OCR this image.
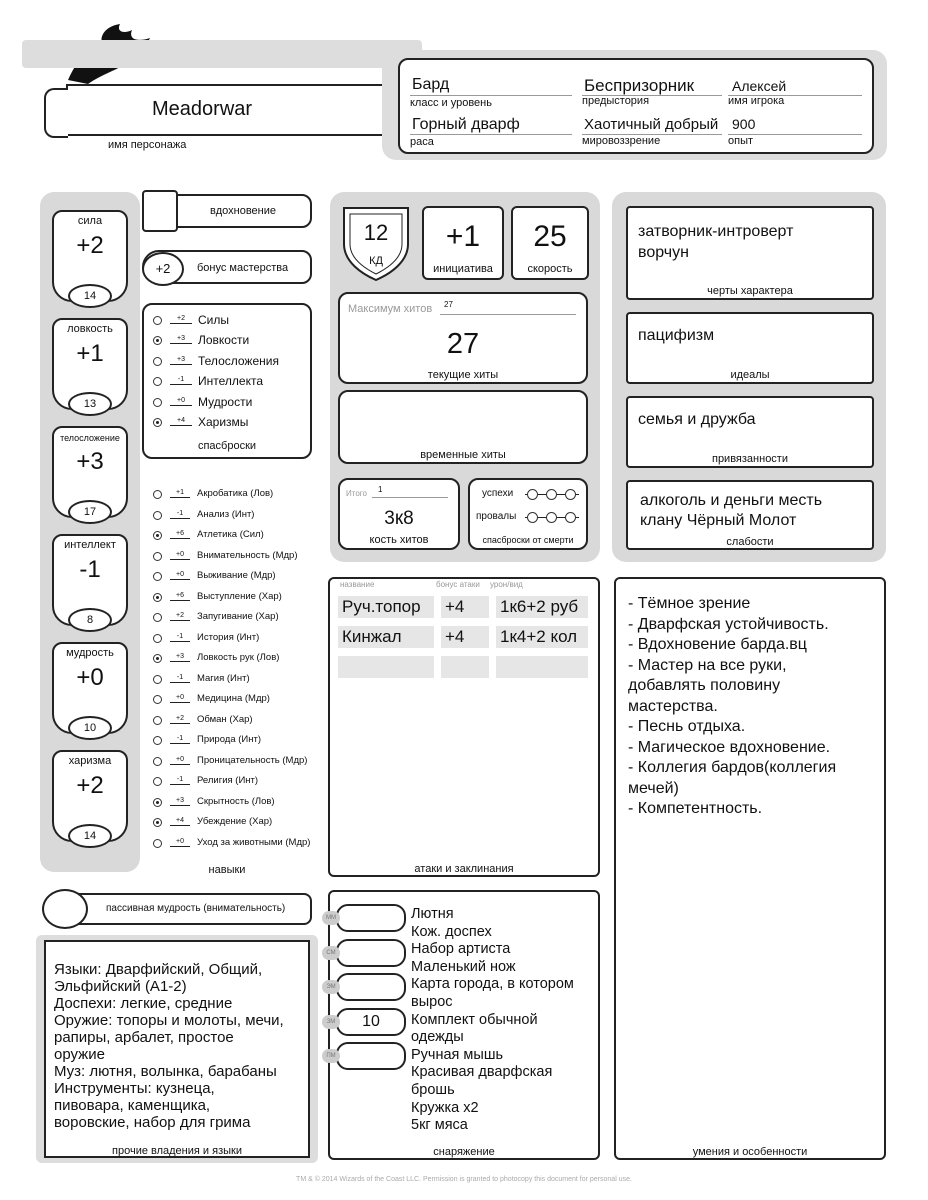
Meadorwar
имя персонажа
Бард
класс и уровень
Беспризорник
предыстория
Алексей
имя игрока
Горный дварф
раса
Хаотичный добрый
мировоззрение
900
опыт
сила
+2
14
ловкость
+1
13
телосложение
+3
17
интеллект
-1
8
мудрость
+0
10
харизма
+2
14
вдохновение
+2	бонус мастерства
+2	Силы
+3	Ловкости
+3	Телосложения
-1	Интеллекта
+0	Мудрости
+4	Харизмы
спасброски
+1	Акробатика (Лов)
-1	Анализ (Инт)
+6	Атлетика (Сил)
+0	Внимательность (Мдр)
+0	Выживание (Мдр)
+6	Выступление (Хар)
+2	Запугивание (Хар)
-1	История (Инт)
+3	Ловкость рук (Лов)
-1	Магия (Инт)
+0	Медицина (Мдр)
+2	Обман (Хар)
-1	Природа (Инт)
+0	Проницательность (Мдр)
-1	Религия (Инт)
+3	Скрытность (Лов)
+4	Убеждение (Хар)
+0	Уход за животными (Мдр)
навыки
пассивная мудрость (внимательность)
Языки: Дварфийский, Общий,
Эльфийский (А1-2)
Доспехи: легкие, средние
Оружие: топоры и молоты, мечи,
рапиры, арбалет, простое
оружие
Муз: лютня, волынка, барабаны
Инструменты: кузнеца,
пивовара, каменщика,
воровские, набор для грима
прочие владения и языки
12
КД
+1
инициатива
25
скорость
Максимум хитов 27
27
текущие хиты
временные хиты
Итого 1
3к8
кость хитов
успехи
провалы
спасброски от смерти
название	бонус атаки урон/вид
Руч.топор	+4	1к6+2 руб
Кинжал	+4	1к4+2 кол
атаки и заклинания
ММ
СМ
ЭМ
10
ЗМ
ПМ
Лютня
Кож. доспех
Набор артиста
Маленький нож
Карта города, в котором
вырос
Комплект обычной
одежды
Ручная мышь
Красивая дварфская
брошь
Кружка x2
5кг мяса
снаряжение
затворник-интроверт ворчун
черты характера
пацифизм
идеалы
семья и дружба
привязанности
алкоголь и деньги месть клану Чёрный Молот
слабости
- Тёмное зрение
- Дварфская устойчивость.
- Вдохновение барда.вц
- Мастер на все руки,
добавлять половину
мастерства.
- Песнь отдыха.
- Магическое вдохновение.
- Коллегия бардов(коллегия
мечей)
- Компетентность.
умения и особенности
TM & © 2014 Wizards of the Coast LLC. Permission is granted to photocopy this document for personal use.
